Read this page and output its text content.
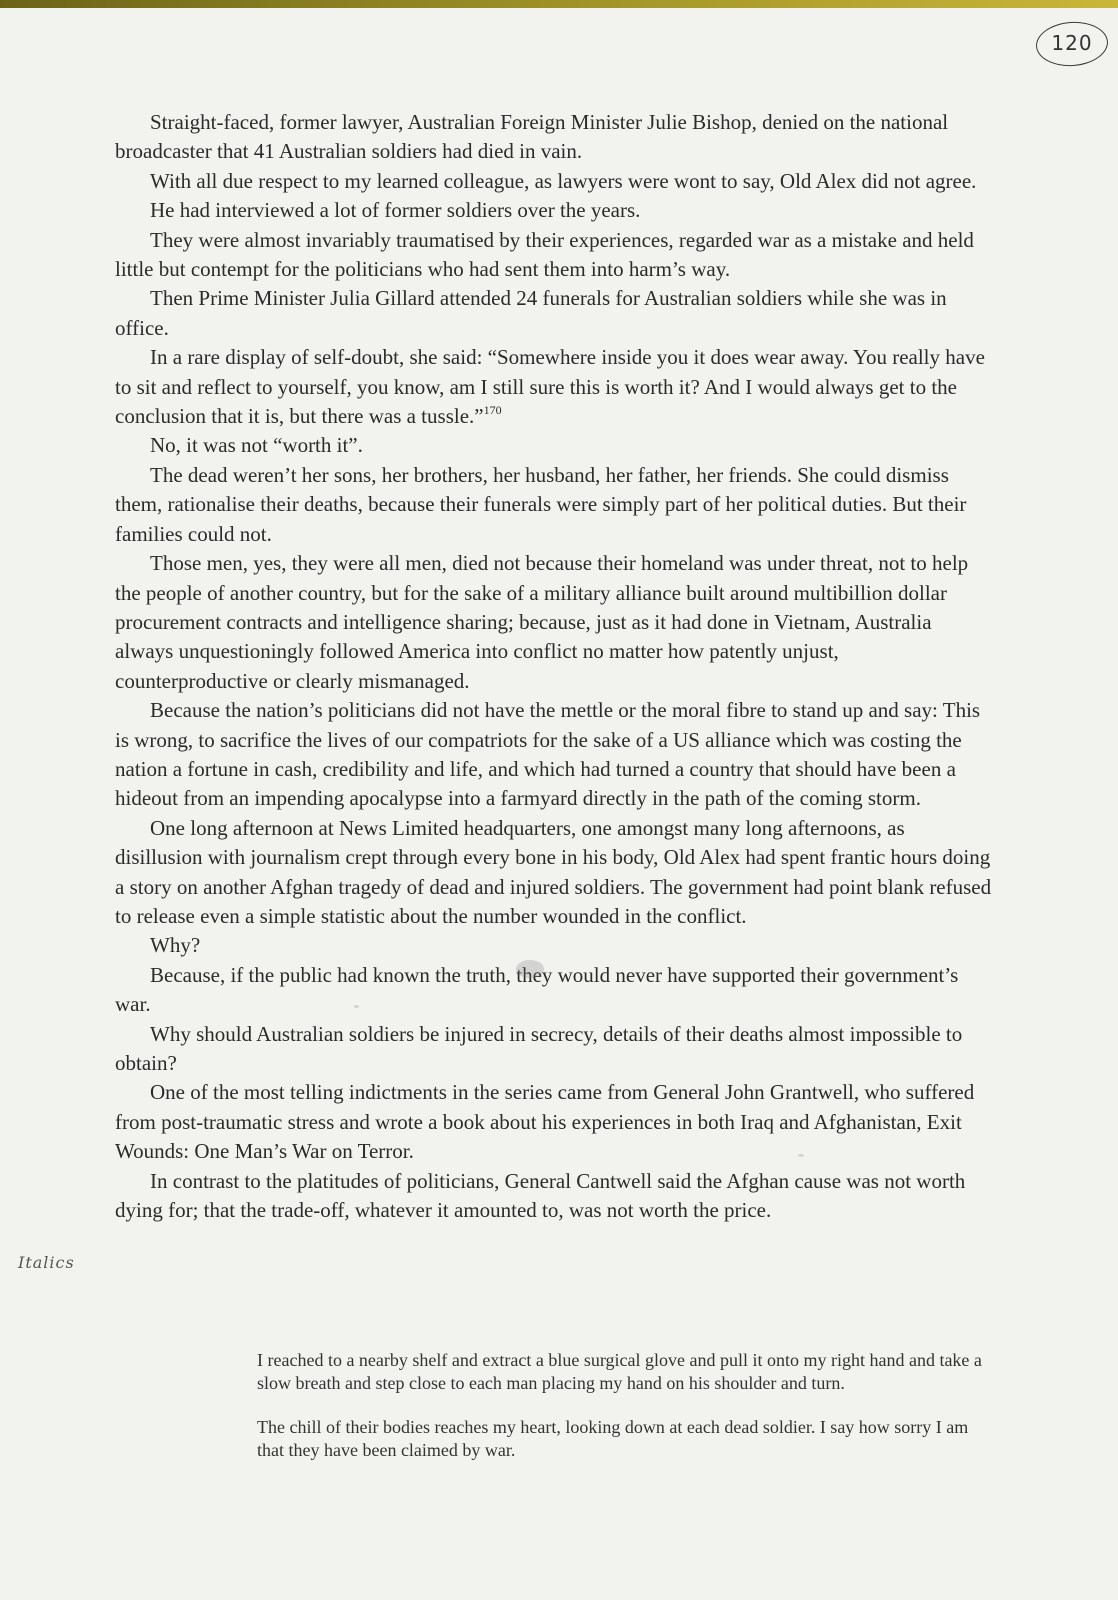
120
Italics

Straight-faced, former lawyer, Australian Foreign Minister Julie Bishop, denied on the national broadcaster that 41 Australian soldiers had died in vain.

With all due respect to my learned colleague, as lawyers were wont to say, Old Alex did not agree.

He had interviewed a lot of former soldiers over the years.

They were almost invariably traumatised by their experiences, regarded war as a mistake and held little but contempt for the politicians who had sent them into harm’s way.

Then Prime Minister Julia Gillard attended 24 funerals for Australian soldiers while she was in office.

In a rare display of self-doubt, she said: “Somewhere inside you it does wear away. You really have to sit and reflect to yourself, you know, am I still sure this is worth it? And I would always get to the conclusion that it is, but there was a tussle.”$^{170}$

No, it was not “worth it”.

The dead weren’t her sons, her brothers, her husband, her father, her friends. She could dismiss them, rationalise their deaths, because their funerals were simply part of her political duties. But their families could not.

Those men, yes, they were all men, died not because their homeland was under threat, not to help the people of another country, but for the sake of a military alliance built around multibillion dollar procurement contracts and intelligence sharing; because, just as it had done in Vietnam, Australia always unquestioningly followed America into conflict no matter how patently unjust, counterproductive or clearly mismanaged.

Because the nation’s politicians did not have the mettle or the moral fibre to stand up and say: This is wrong, to sacrifice the lives of our compatriots for the sake of a US alliance which was costing the nation a fortune in cash, credibility and life, and which had turned a country that should have been a hideout from an impending apocalypse into a farmyard directly in the path of the coming storm.

One long afternoon at News Limited headquarters, one amongst many long afternoons, as disillusion with journalism crept through every bone in his body, Old Alex had spent frantic hours doing a story on another Afghan tragedy of dead and injured soldiers. The government had point blank refused to release even a simple statistic about the number wounded in the conflict.

Why?

Because, if the public had known the truth, they would never have supported their government’s war.

Why should Australian soldiers be injured in secrecy, details of their deaths almost impossible to obtain?

One of the most telling indictments in the series came from General John Grantwell, who suffered from post-traumatic stress and wrote a book about his experiences in both Iraq and Afghanistan, Exit Wounds: One Man’s War on Terror.

In contrast to the platitudes of politicians, General Cantwell said the Afghan cause was not worth dying for; that the trade-off, whatever it amounted to, was not worth the price.

I reached to a nearby shelf and extract a blue surgical glove and pull it onto my right hand and take a slow breath and step close to each man placing my hand on his shoulder and turn.

The chill of their bodies reaches my heart, looking down at each dead soldier. I say how sorry I am that they have been claimed by war.
